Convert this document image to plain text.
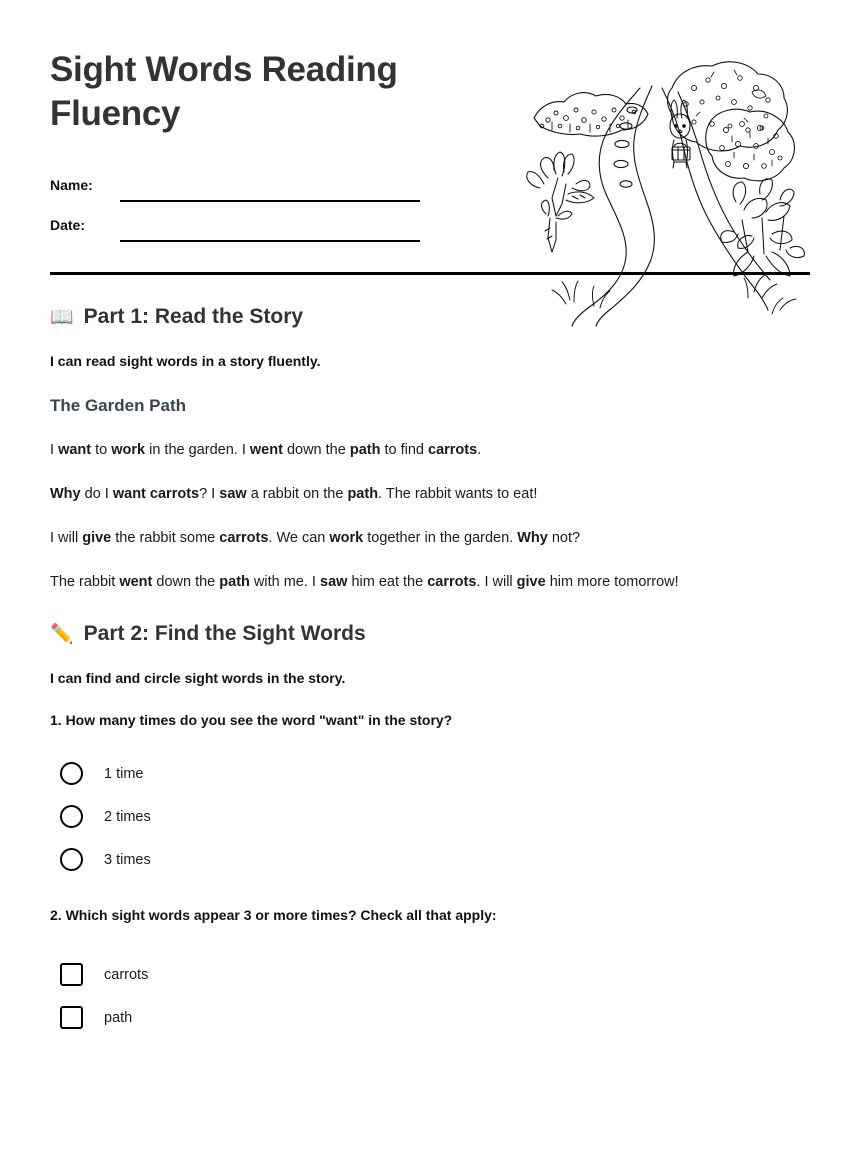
Sight Words Reading Fluency
Name:
Date:
📖 Part 1: Read the Story

I can read sight words in a story fluently.

The Garden Path

I want to work in the garden. I went down the path to find carrots.

Why do I want carrots? I saw a rabbit on the path. The rabbit wants to eat!

I will give the rabbit some carrots. We can work together in the garden. Why not?

The rabbit went down the path with me. I saw him eat the carrots. I will give him more tomorrow!

✏️ Part 2: Find the Sight Words

I can find and circle sight words in the story.

1. How many times do you see the word "want" in the story?

1 time
2 times
3 times

2. Which sight words appear 3 or more times? Check all that apply:

carrots
path
